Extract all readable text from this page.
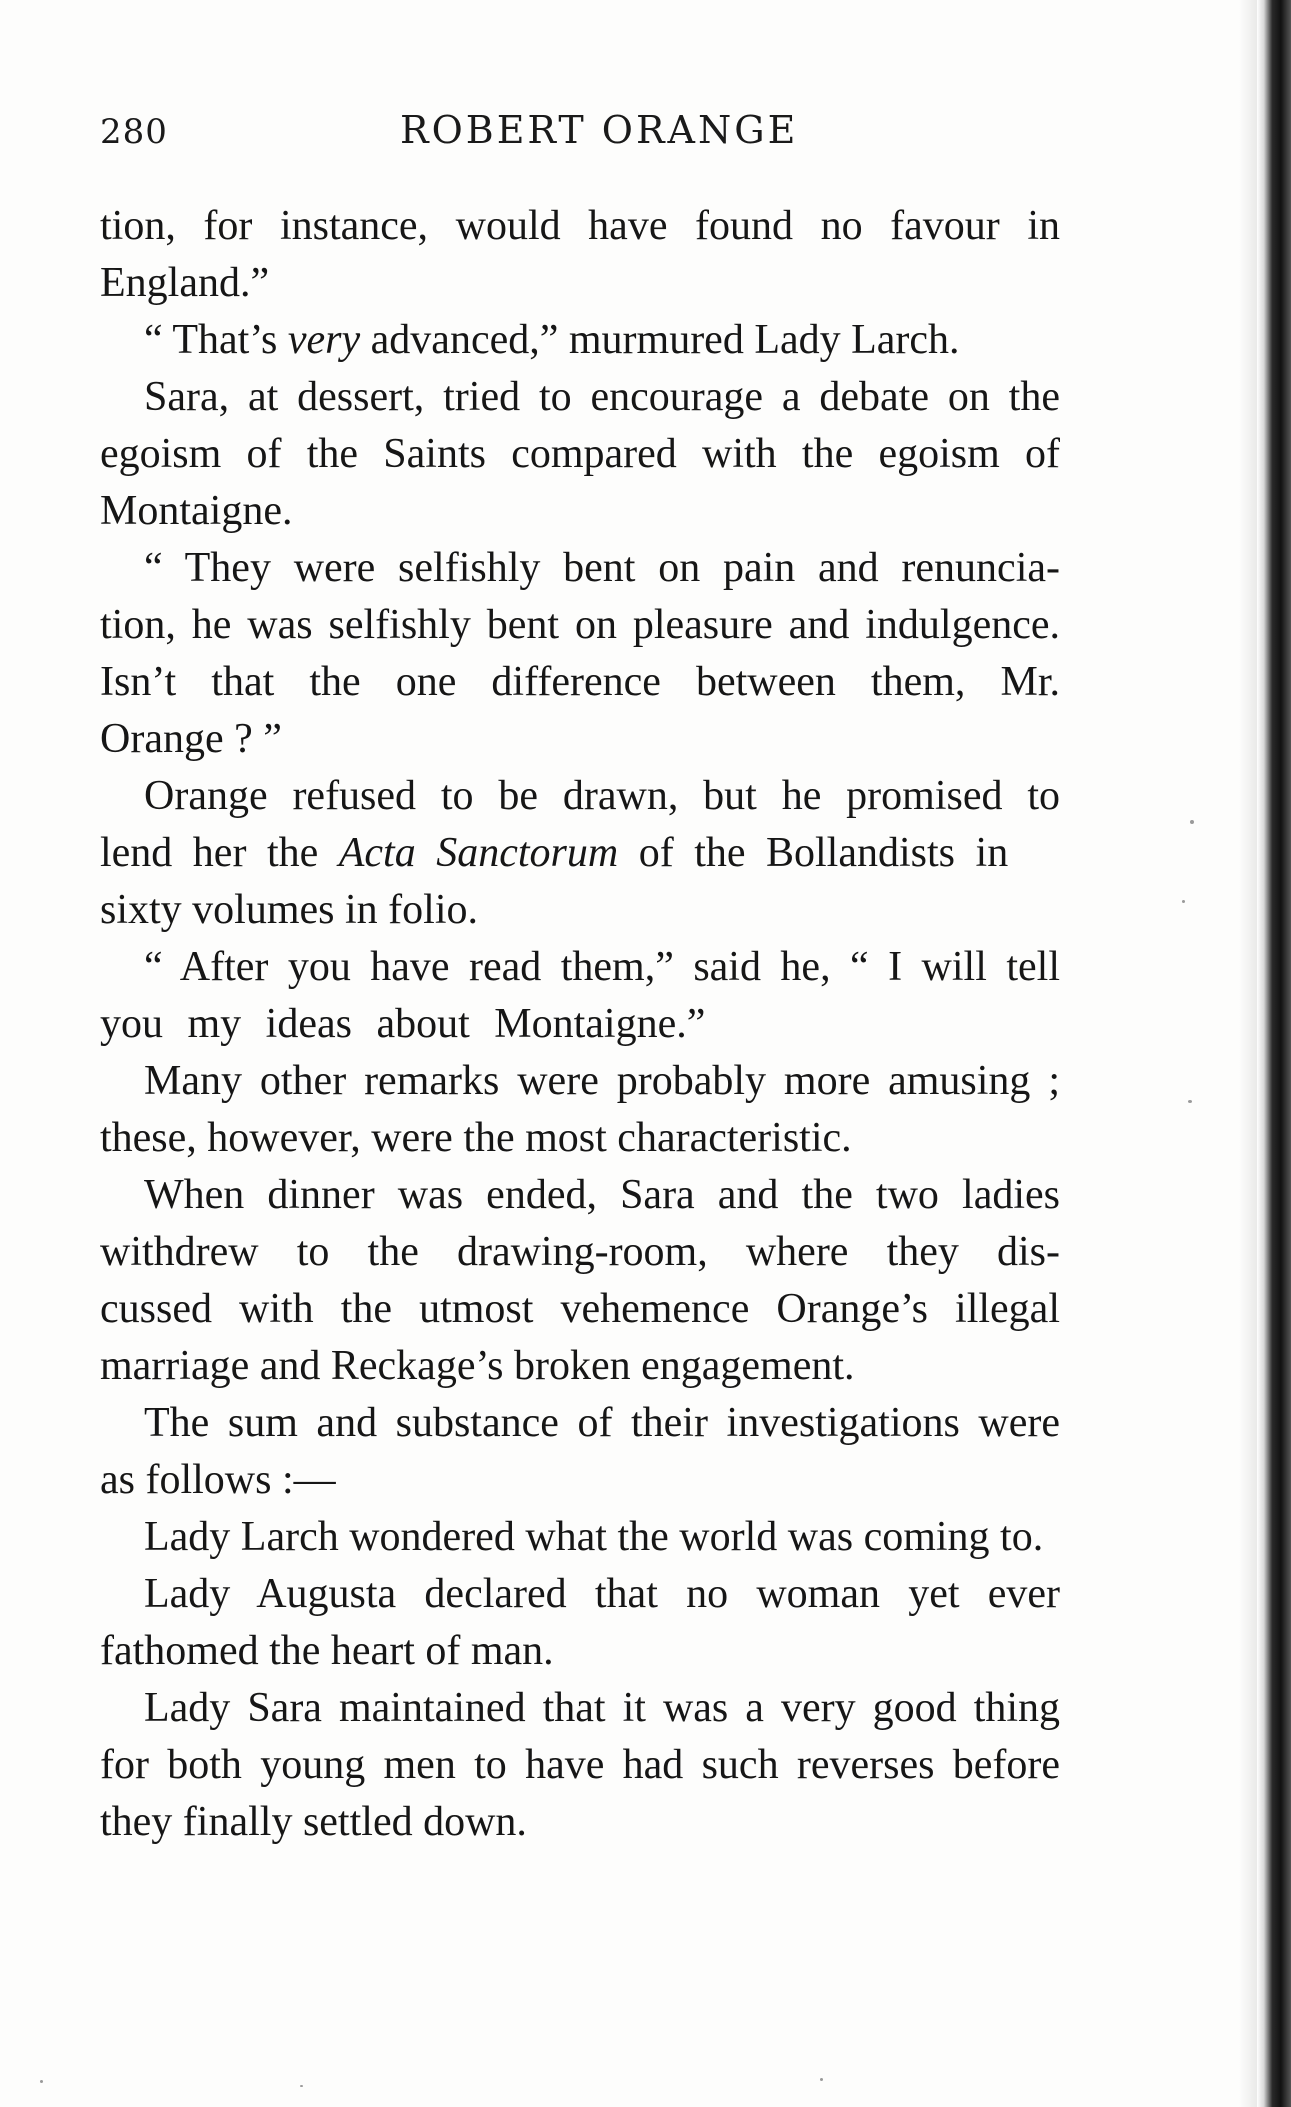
280	ROBERT ORANGE
tion, for instance, would have found no favour in
England.”
“ That’s very advanced,” murmured Lady Larch.
Sara, at dessert, tried to encourage a debate on the
egoism of the Saints compared with the egoism of
Montaigne.
“ They were selfishly bent on pain and renuncia-
tion, he was selfishly bent on pleasure and indulgence.
Isn’t that the one difference between them, Mr.
Orange ? ”
Orange refused to be drawn, but he promised to
lend her the Acta Sanctorum of the Bollandists in
sixty volumes in folio.
“ After you have read them,” said he, “ I will tell
you my ideas about Montaigne.”
Many other remarks were probably more amusing ;
these, however, were the most characteristic.
When dinner was ended, Sara and the two ladies
withdrew to the drawing-room, where they dis-
cussed with the utmost vehemence Orange’s illegal
marriage and Reckage’s broken engagement.
The sum and substance of their investigations were
as follows :—
Lady Larch wondered what the world was coming to.
Lady Augusta declared that no woman yet ever
fathomed the heart of man.
Lady Sara maintained that it was a very good thing
for both young men to have had such reverses before
they finally settled down.
